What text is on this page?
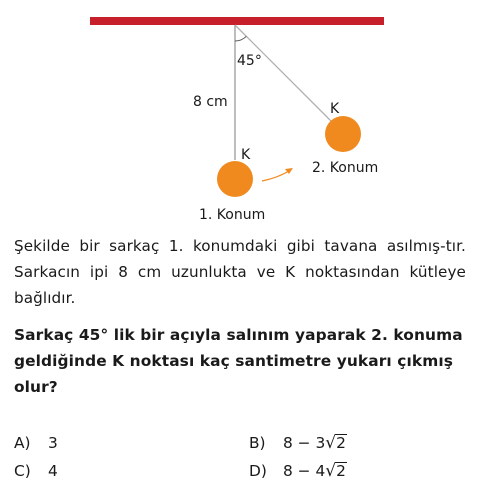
45°
8 cm
K
K
1. Konum
2. Konum
Şekilde bir sarkaç 1. konumdaki gibi tavana asılmış-tır. Sarkacın ipi 8 cm uzunlukta ve K noktasından kütleye bağlıdır.
Sarkaç 45° lik bir açıyla salınım yaparak 2. konuma geldiğinde K noktası kaç santimetre yukarı çıkmış olur?
A) 3
C) 4
B) 8 − 3√2
D) 8 − 4√2
